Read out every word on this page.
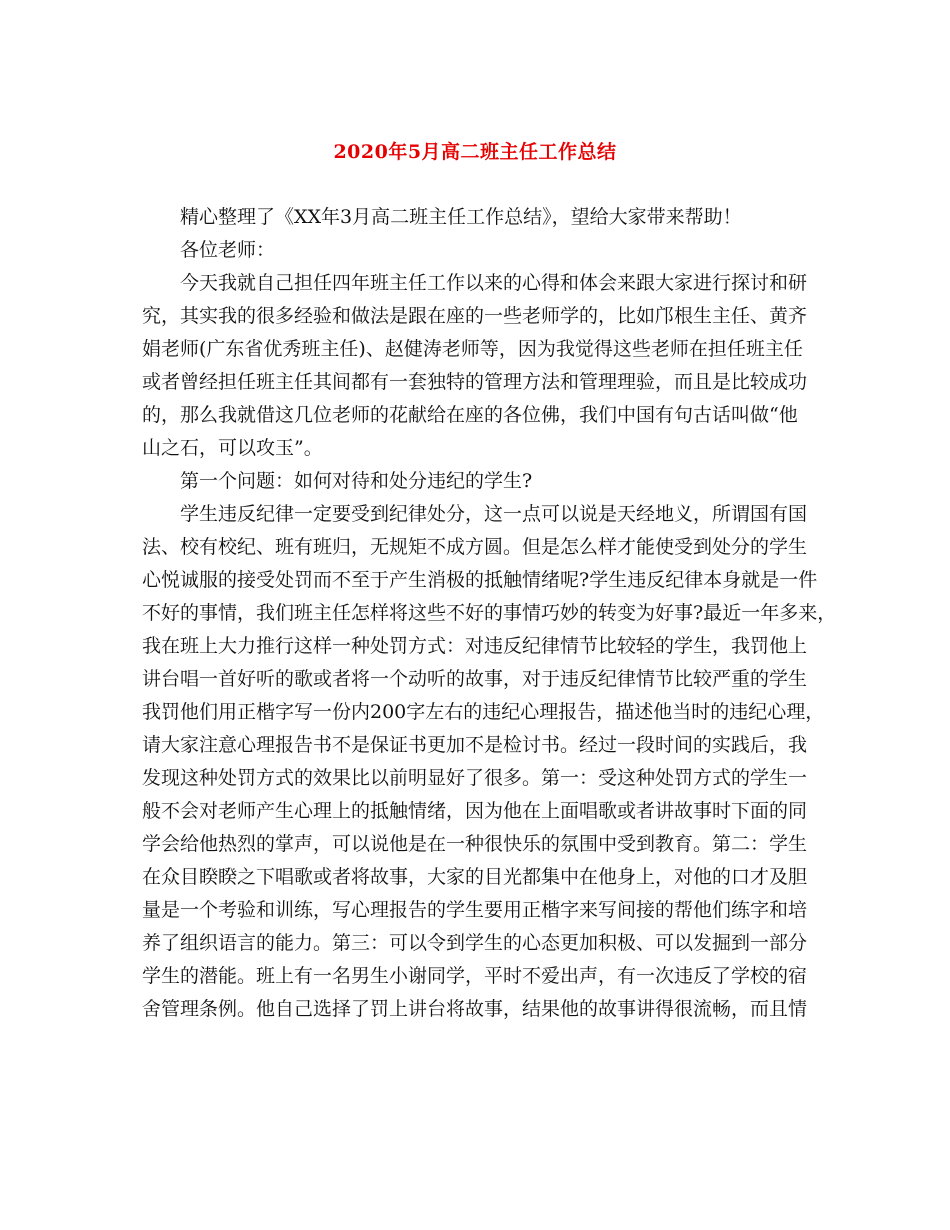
2020年5月高二班主任工作总结
精心整理了《XX年3月高二班主任工作总结》，望给大家带来帮助！
各位老师：
今天我就自己担任四年班主任工作以来的心得和体会来跟大家进行探讨和研
究，其实我的很多经验和做法是跟在座的一些老师学的，比如邝根生主任、黄齐
娟老师(广东省优秀班主任)、赵健涛老师等，因为我觉得这些老师在担任班主任
或者曾经担任班主任其间都有一套独特的管理方法和管理理验，而且是比较成功
的，那么我就借这几位老师的花献给在座的各位佛，我们中国有句古话叫做“他
山之石，可以攻玉”。
第一个问题：如何对待和处分违纪的学生?
学生违反纪律一定要受到纪律处分，这一点可以说是天经地义，所谓国有国
法、校有校纪、班有班归，无规矩不成方圆。但是怎么样才能使受到处分的学生
心悦诚服的接受处罚而不至于产生消极的抵触情绪呢?学生违反纪律本身就是一件
不好的事情，我们班主任怎样将这些不好的事情巧妙的转变为好事?最近一年多来，
我在班上大力推行这样一种处罚方式：对违反纪律情节比较轻的学生，我罚他上
讲台唱一首好听的歌或者将一个动听的故事，对于违反纪律情节比较严重的学生
我罚他们用正楷字写一份内200字左右的违纪心理报告，描述他当时的违纪心理，
请大家注意心理报告书不是保证书更加不是检讨书。经过一段时间的实践后，我
发现这种处罚方式的效果比以前明显好了很多。第一：受这种处罚方式的学生一
般不会对老师产生心理上的抵触情绪，因为他在上面唱歌或者讲故事时下面的同
学会给他热烈的掌声，可以说他是在一种很快乐的氛围中受到教育。第二：学生
在众目睽睽之下唱歌或者将故事，大家的目光都集中在他身上，对他的口才及胆
量是一个考验和训练，写心理报告的学生要用正楷字来写间接的帮他们练字和培
养了组织语言的能力。第三：可以令到学生的心态更加积极、可以发掘到一部分
学生的潜能。班上有一名男生小谢同学，平时不爱出声，有一次违反了学校的宿
舍管理条例。他自己选择了罚上讲台将故事，结果他的故事讲得很流畅，而且情
